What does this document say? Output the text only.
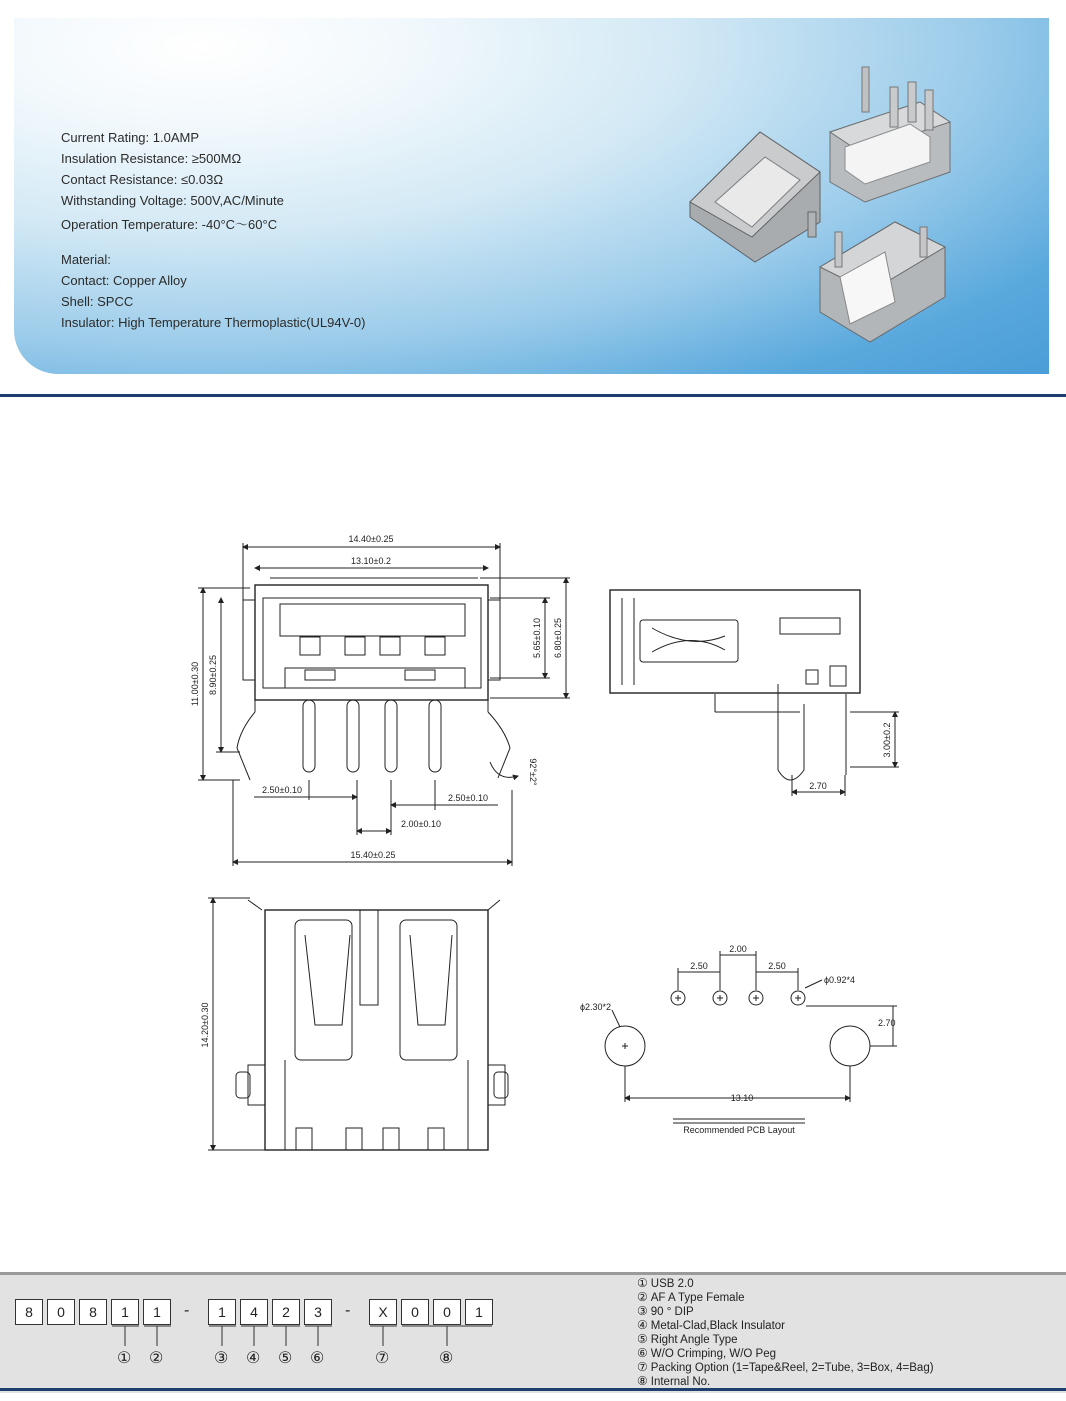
Current Rating: 1.0AMP
Insulation Resistance: ≥500MΩ
Contact Resistance: ≤0.03Ω
Withstanding Voltage: 500V,AC/Minute
Operation Temperature: -40°C～60°C
Material:
Contact: Copper Alloy
Shell: SPCC
Insulator: High Temperature Thermoplastic(UL94V-0)
14.40±0.25
13.10±0.2
11.00±0.30 8.90±0.25
5.65±0.10 6.80±0.25
2.50±0.10
2.50±0.10
2.00±0.10
15.40±0.25
92°±2°
3.00±0.2
2.70
14.20±0.30
2.00
2.50	2.50
ϕ0.92*4
ϕ2.30*2
2.70
13.10
Recommended PCB Layout
8	0	8	1	1	-	1	4	2	3	-	X	0	0	1
① ②	③ ④ ⑤ ⑥	⑦	⑧
① USB 2.0
② AF A Type Female
③ 90 ° DIP
④ Metal-Clad,Black Insulator
⑤ Right Angle Type
⑥ W/O Crimping, W/O Peg
⑦ Packing Option (1=Tape&Reel, 2=Tube, 3=Box, 4=Bag)
⑧ Internal No.
